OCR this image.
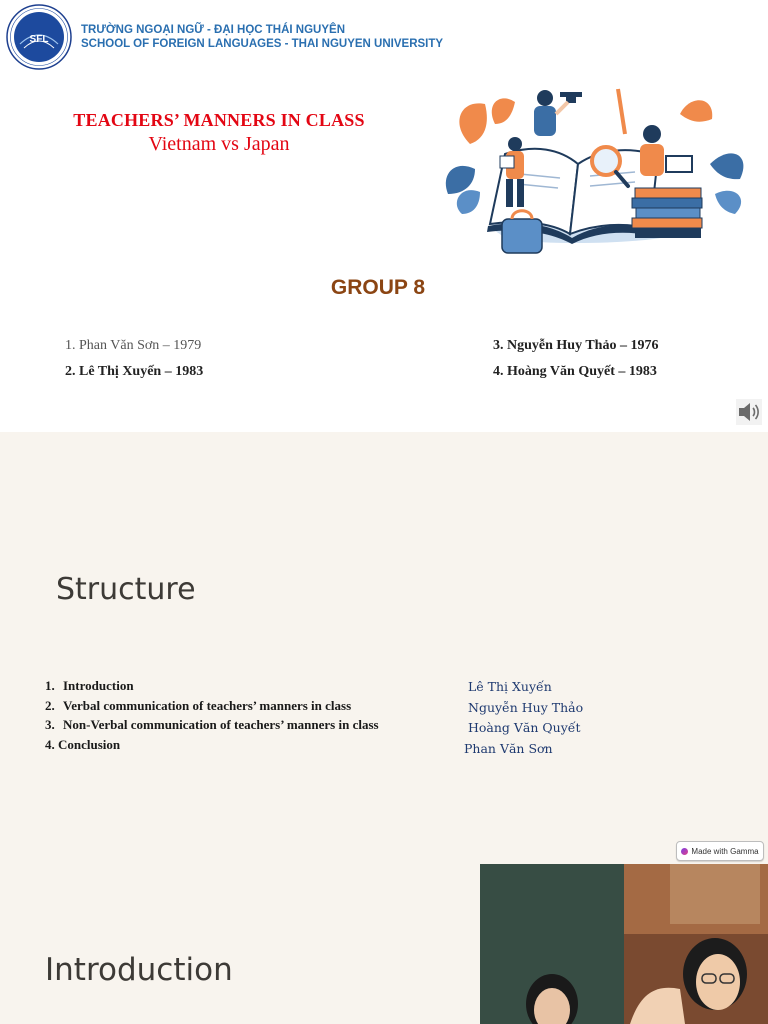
SFL
TRƯỜNG NGOẠI NGỮ - ĐẠI HỌC THÁI NGUYÊN
SCHOOL OF FOREIGN LANGUAGES - THAI NGUYEN UNIVERSITY
TEACHERS’ MANNERS IN CLASS
Vietnam vs Japan
GROUP 8
1. Phan Văn Sơn – 1979
2. Lê Thị Xuyến – 1983
3. Nguyễn Huy Thảo – 1976
4. Hoàng Văn Quyết – 1983
Structure
1. Introduction
2. Verbal communication of teachers’ manners in class
3. Non-Verbal communication of teachers’ manners in class
4. Conclusion
Lê Thị Xuyến
Nguyễn Huy Thảo
Hoàng Văn Quyết
Phan Văn Sơn
Made with Gamma
Introduction
